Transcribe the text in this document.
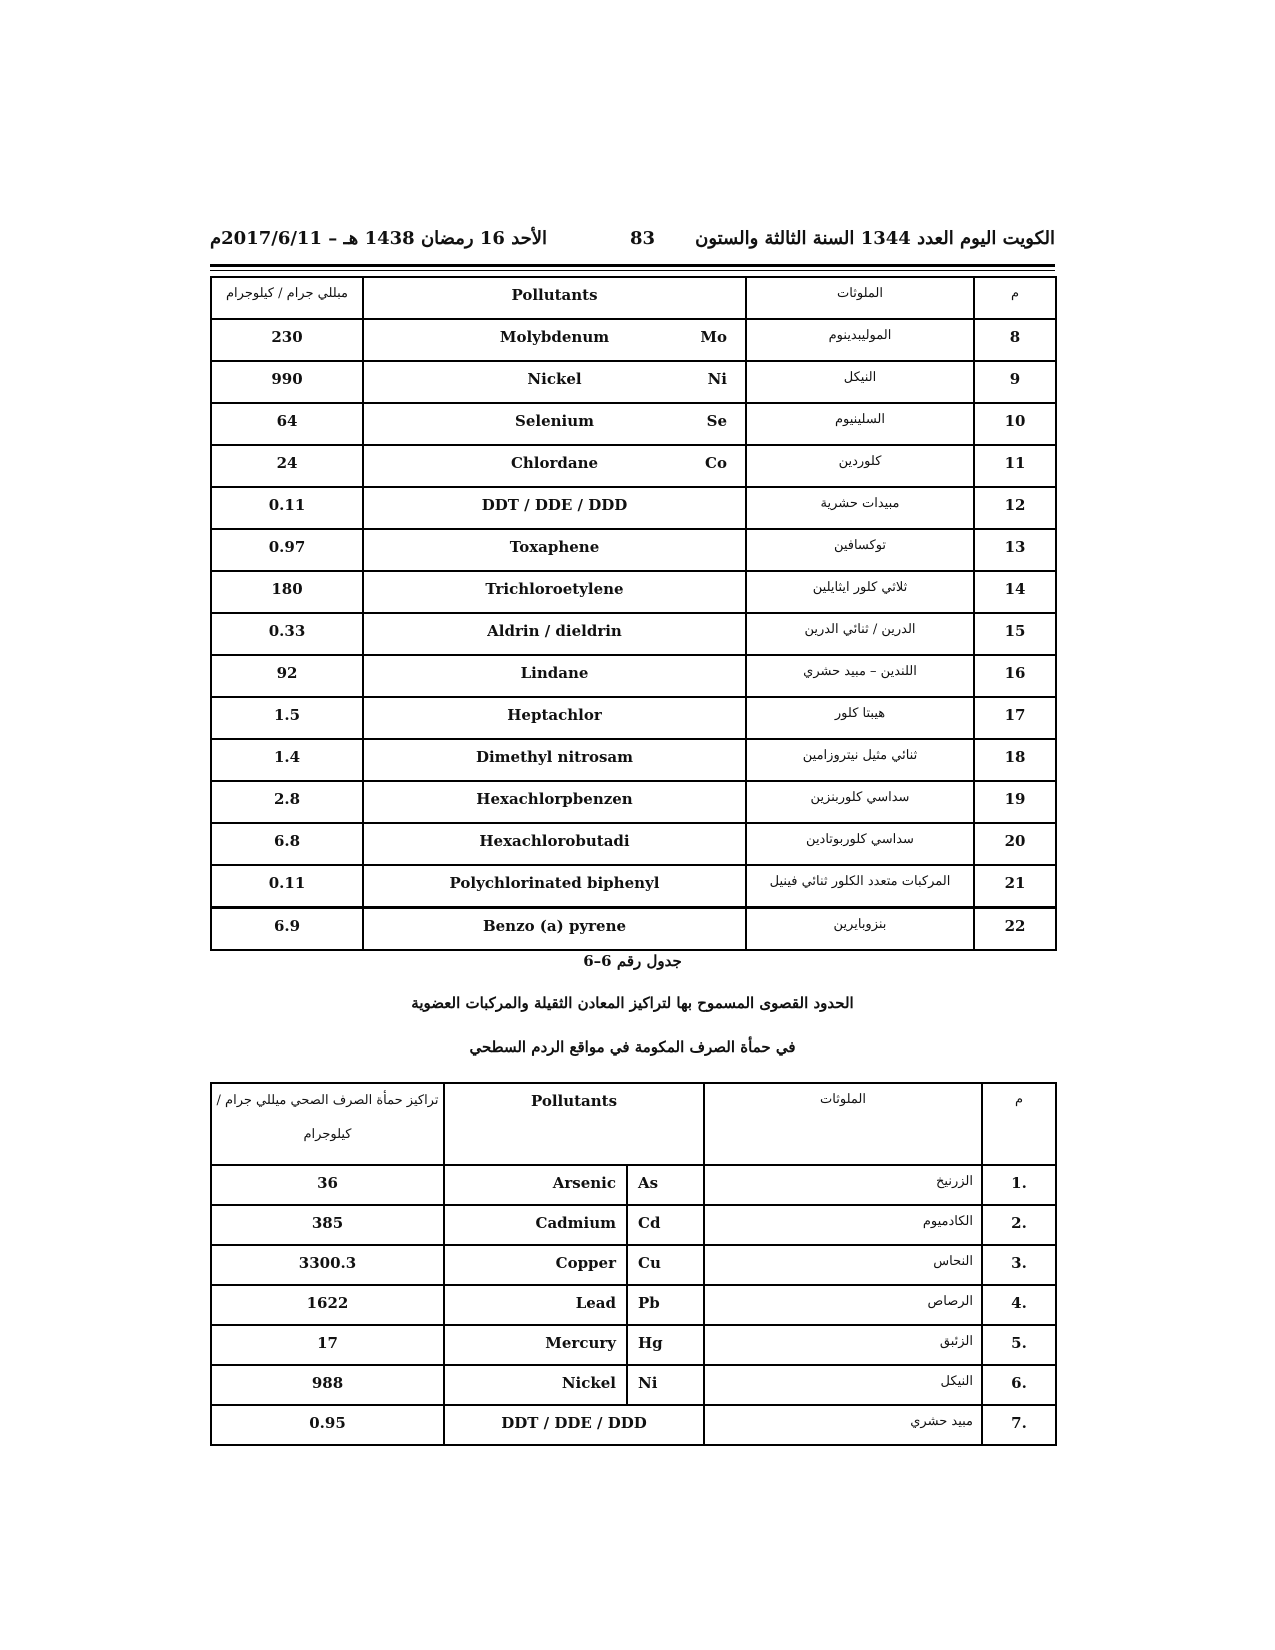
الأحد 16 رمضان 1438 هـ – 2017/6/11م	83 الكويت اليوم العدد 1344 السنة الثالثة والستون
مبللي جرام / كيلوجرام	Pollutants	الملوثات	م
230	Molybdenum Mo	الموليبدينوم	8
990	Nickel Ni	النيكل	9
64	Selenium Se	السلينيوم	10
24	Chlordane Co	كلوردين	11
0.11	DDT / DDE / DDD	مبيدات حشرية	12
0.97	Toxaphene	توكسافين	13
180	Trichloroetylene	ثلاثي كلور ايثايلين	14
0.33	Aldrin / dieldrin	الدرين / ثنائي الدرين	15
92	Lindane	اللندين – مبيد حشري	16
1.5	Heptachlor	هيبتا كلور	17
1.4	Dimethyl nitrosam	ثنائي مثيل نيتروزامين	18
2.8	Hexachlorpbenzen	سداسي كلوربنزين	19
6.8	Hexachlorobutadi	سداسي كلوربوتادين	20
0.11	Polychlorinated biphenyl	المركبات متعدد الكلور ثنائي فينيل	21
6.9	Benzo (a) pyrene	بنزوبايرين	22
جدول رقم 6–6
الحدود القصوى المسموح بها لتراكيز المعادن الثقيلة والمركبات العضوية
في حمأة الصرف المكومة في مواقع الردم السطحي
تراكيز حمأة الصرف الصحي ميللي جرام /
كيلوجرام	Pollutants		الملوثات	م
36	Arsenic	As	الزرنيخ	1.
385	Cadmium	Cd	الكادميوم	2.
3300.3	Copper	Cu	النحاس	3.
1622	Lead	Pb	الرصاص	4.
17	Mercury	Hg	الزئبق	5.
988	Nickel	Ni	النيكل	6.
0.95	DDT / DDE / DDD		مبيد حشري	7.
